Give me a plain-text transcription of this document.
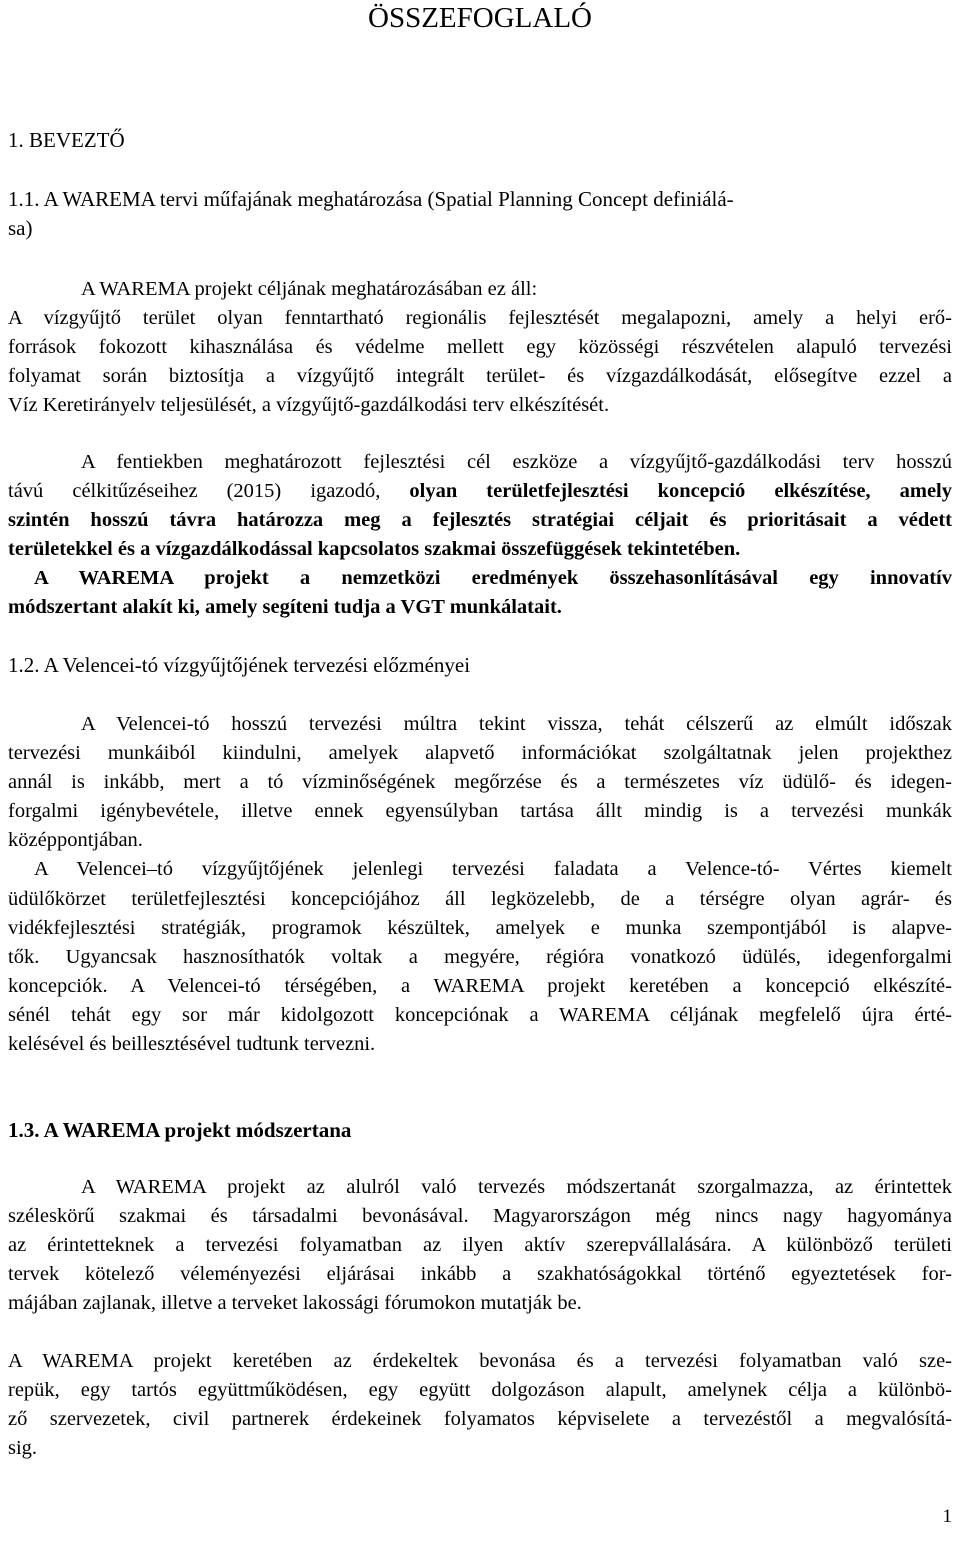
ÖSSZEFOGLALÓ
1. BEVEZTŐ
1.1. A WAREMA tervi műfajának meghatározása (Spatial Planning Concept definiálá-
sa)
A WAREMA projekt céljának meghatározásában ez áll:
A vízgyűjtő terület olyan fenntartható regionális fejlesztését megalapozni, amely a helyi erő-
források fokozott kihasználása és védelme mellett egy közösségi részvételen alapuló tervezési
folyamat során biztosítja a vízgyűjtő integrált terület- és vízgazdálkodását, elősegítve ezzel a
Víz Keretirányelv teljesülését, a vízgyűjtő-gazdálkodási terv elkészítését.
A fentiekben meghatározott fejlesztési cél eszköze a vízgyűjtő-gazdálkodási terv hosszú
távú célkitűzéseihez (2015) igazodó, olyan területfejlesztési koncepció elkészítése, amely
szintén hosszú távra határozza meg a fejlesztés stratégiai céljait és prioritásait a védett
területekkel és a vízgazdálkodással kapcsolatos szakmai összefüggések tekintetében.
A WAREMA projekt a nemzetközi eredmények összehasonlításával egy innovatív
módszertant alakít ki, amely segíteni tudja a VGT munkálatait.
1.2. A Velencei-tó vízgyűjtőjének tervezési előzményei
A Velencei-tó hosszú tervezési múltra tekint vissza, tehát célszerű az elmúlt időszak
tervezési munkáiból kiindulni, amelyek alapvető információkat szolgáltatnak jelen projekthez
annál is inkább, mert a tó vízminőségének megőrzése és a természetes víz üdülő- és idegen-
forgalmi igénybevétele, illetve ennek egyensúlyban tartása állt mindig is a tervezési munkák
középpontjában.
A Velencei–tó vízgyűjtőjének jelenlegi tervezési faladata a Velence-tó- Vértes kiemelt
üdülőkörzet területfejlesztési koncepciójához áll legközelebb, de a térségre olyan agrár- és
vidékfejlesztési stratégiák, programok készültek, amelyek e munka szempontjából is alapve-
tők. Ugyancsak hasznosíthatók voltak a megyére, régióra vonatkozó üdülés, idegenforgalmi
koncepciók. A Velencei-tó térségében, a WAREMA projekt keretében a koncepció elkészíté-
sénél tehát egy sor már kidolgozott koncepciónak a WAREMA céljának megfelelő újra érté-
kelésével és beillesztésével tudtunk tervezni.
1.3. A WAREMA projekt módszertana
A WAREMA projekt az alulról való tervezés módszertanát szorgalmazza, az érintettek
széleskörű szakmai és társadalmi bevonásával. Magyarországon még nincs nagy hagyománya
az érintetteknek a tervezési folyamatban az ilyen aktív szerepvállalására. A különböző területi
tervek kötelező véleményezési eljárásai inkább a szakhatóságokkal történő egyeztetések for-
májában zajlanak, illetve a terveket lakossági fórumokon mutatják be.
A WAREMA projekt keretében az érdekeltek bevonása és a tervezési folyamatban való sze-
repük, egy tartós együttműködésen, egy együtt dolgozáson alapult, amelynek célja a különbö-
ző szervezetek, civil partnerek érdekeinek folyamatos képviselete a tervezéstől a megvalósítá-
sig.
1
